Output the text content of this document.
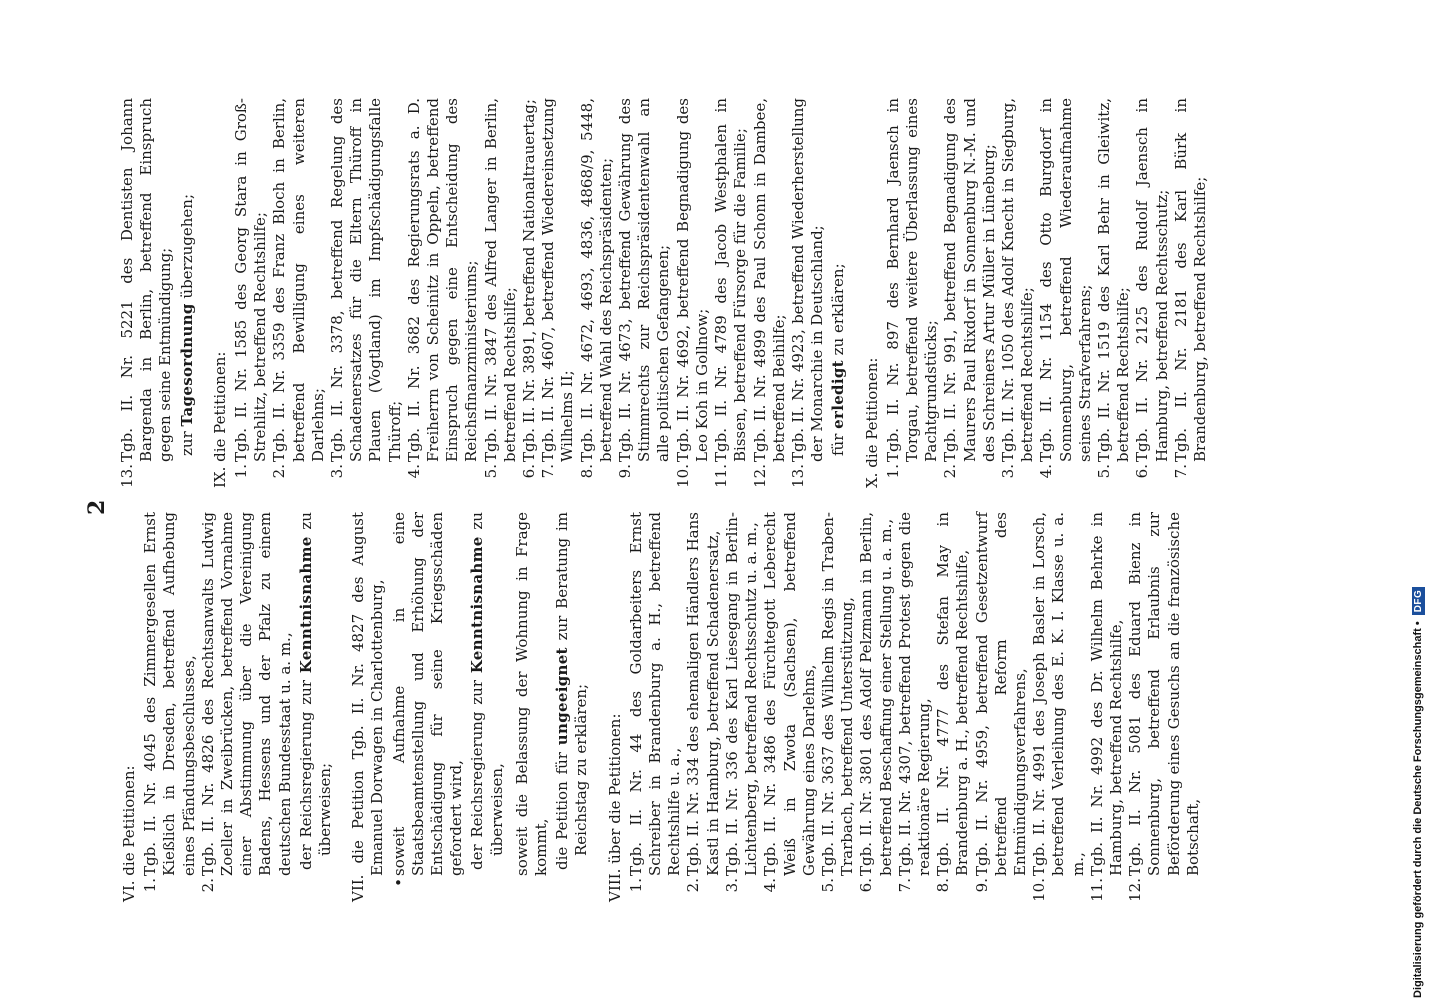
2

VI. die Petitionen: 1.
Tgb. II. Nr. 4045 des Zimmergesellen Ernst Kießlich in Dresden, betreffend Aufhebung eines Pfändungsbeschlusses,

2.
Tgb. II. Nr. 4826 des Rechtsanwalts Ludwig Zoeller in Zweibrücken, betreffend Vornahme einer Abstimmung über die Vereinigung Badens, Hessens und der Pfalz zu einem deutschen Bundesstaat u. a. m., der Reichsregierung zur Kenntnisnahme zu überweisen; VII. die Petition Tgb. II. Nr. 4827 des August Emanuel Dorwagen in Charlottenburg,

•
soweit Aufnahme in eine Staatsbeamtenstellung und Erhöhung der Entschädigung für seine Kriegsschäden gefordert wird, der Reichsregierung zur Kenntnisnahme zu überweisen, soweit die Belassung der Wohnung in Frage kommt, die Petition für ungeeignet zur Beratung im Reichstag zu erklären; VIII. über die Petitionen: 1.
Tgb. II. Nr. 44 des Goldarbeiters Ernst Schreiber in Brandenburg a. H., betreffend Rechtshilfe u. a.,

2.
Tgb. II. Nr. 334 des ehemaligen Händlers Hans Kastl in Hamburg, betreffend Schadenersatz,

3.
Tgb. II. Nr. 336 des Karl Liesegang in Berlin-Lichtenberg, betreffend Rechtsschutz u. a. m.,

4.
Tgb. II. Nr. 3486 des Fürchtegott Leberecht Weiß in Zwota (Sachsen), betreffend Gewährung eines Darlehns,

5.
Tgb. II. Nr. 3637 des Wilhelm Regis in Traben-Trarbach, betreffend Unterstützung,

6.
Tgb. II. Nr. 3801 des Adolf Pelzmann in Berlin, betreffend Beschaffung einer Stellung u. a. m.,

7.
Tgb. II. Nr. 4307, betreffend Protest gegen die reaktionäre Regierung,

8.
Tgb. II. Nr. 4777 des Stefan May in Brandenburg a. H., betreffend Rechtshilfe,

9.
Tgb. II. Nr. 4959, betreffend Gesetzentwurf betreffend Reform des Entmündigungsverfahrens,

10.
Tgb. II. Nr. 4991 des Joseph Basler in Lorsch, betreffend Verleihung des E. K. I. Klasse u. a. m.,

11.
Tgb. II. Nr. 4992 des Dr. Wilhelm Behrke in Hamburg, betreffend Rechtshilfe,

12.
Tgb. II. Nr. 5081 des Eduard Bienz in Sonnenburg, betreffend Erlaubnis zur Beförderung eines Gesuchs an die französische Botschaft,

13.
Tgb. II. Nr. 5221 des Dentisten Johann Bargenda in Berlin, betreffend Einspruch gegen seine Entmündigung; zur Tagesordnung überzugehen;

IX. die Petitionen: 1.
Tgb. II. Nr. 1585 des Georg Stara in Groß-Strehlitz, betreffend Rechtshilfe;

2.
Tgb. II. Nr. 3359 des Franz Bloch in Berlin, betreffend Bewilligung eines weiteren Darlehns;

3.
Tgb. II. Nr. 3378, betreffend Regelung des Schadenersatzes für die Eltern Thüroff in Plauen (Vogtland) im Impfschädigungsfalle Thüroff;

4.
Tgb. II. Nr. 3682 des Regierungsrats a. D. Freiherrn von Scheinitz in Oppeln, betreffend Einspruch gegen eine Entscheidung des Reichsfinanzministeriums;

5.
Tgb. II. Nr. 3847 des Alfred Langer in Berlin, betreffend Rechtshilfe;

6.
Tgb. II. Nr. 3891, betreffend Nationaltrauertag;

7.
Tgb. II. Nr. 4607, betreffend Wiedereinsetzung Wilhelms II;

8.
Tgb. II. Nr. 4672, 4693, 4836, 4868/9, 5448, betreffend Wahl des Reichspräsidenten;

9.
Tgb. II. Nr. 4673, betreffend Gewährung des Stimmrechts zur Reichspräsidentenwahl an alle politischen Gefangenen;

10.
Tgb. II. Nr. 4692, betreffend Begnadigung des Leo Koh in Gollnow;

11.
Tgb. II. Nr. 4789 des Jacob Westphalen in Bissen, betreffend Fürsorge für die Familie;

12.
Tgb. II. Nr. 4899 des Paul Schonn in Dambee, betreffend Beihilfe;

13.
Tgb. II. Nr. 4923, betreffend Wiederherstellung der Monarchie in Deutschland; für erledigt zu erklären;

X. die Petitionen: 1.
Tgb. II. Nr. 897 des Bernhard Jaensch in Torgau, betreffend weitere Überlassung eines Pachtgrundstücks;

2.
Tgb. II. Nr. 991, betreffend Begnadigung des Maurers Paul Rixdorf in Sonnenburg N.-M. und des Schreiners Artur Müller in Lüneburg;

3.
Tgb. II. Nr. 1050 des Adolf Knecht in Siegburg, betreffend Rechtshilfe;

4.
Tgb. II. Nr. 1154 des Otto Burgdorf in Sonnenburg, betreffend Wiederaufnahme seines Strafverfahrens;

5.
Tgb. II. Nr. 1519 des Karl Behr in Gleiwitz, betreffend Rechtshilfe;

6.
Tgb. II. Nr. 2125 des Rudolf Jaensch in Hamburg, betreffend Rechtsschutz;

7.
Tgb. II. Nr. 2181 des Karl Bürk in Brandenburg, betreffend Rechtshilfe;

Digitalisierung gefördert durch die Deutsche Forschungsgemeinschaft •
DFG
